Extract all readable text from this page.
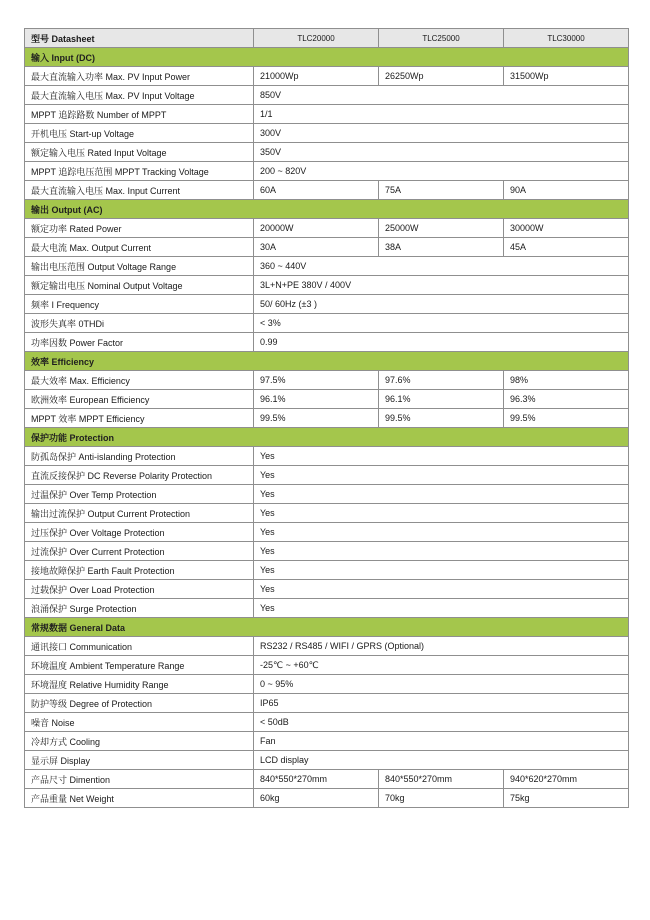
型号 Datasheet	TLC20000	TLC25000	TLC30000
输入 Input (DC)			
最大直流输入功率 Max. PV Input Power	21000Wp	26250Wp	31500Wp
最大直流输入电压 Max. PV Input Voltage	850V		
MPPT 追踪路数 Number of MPPT	1/1		
开机电压 Start-up Voltage	300V		
额定输入电压 Rated Input Voltage	350V		
MPPT 追踪电压范围 MPPT Tracking Voltage	200 ~ 820V		
最大直流输入电压 Max. Input Current	60A	75A	90A
输出 Output (AC)			
额定功率 Rated Power	20000W	25000W	30000W
最大电流 Max. Output Current	30A	38A	45A
输出电压范围 Output Voltage Range	360 ~ 440V		
额定输出电压 Nominal Output Voltage	3L+N+PE 380V / 400V		
频率 I Frequency	50/ 60Hz (±3 )		
波形失真率 0THDi	< 3%		
功率因数 Power Factor	0.99		
效率 Efficiency			
最大效率 Max. Efficiency	97.5%	97.6%	98%
欧洲效率 European Efficiency	96.1%	96.1%	96.3%
MPPT 效率 MPPT Efficiency	99.5%	99.5%	99.5%
保护功能 Protection			
防孤岛保护 Anti-islanding Protection	Yes		
直流反接保护 DC Reverse Polarity Protection	Yes		
过温保护 Over Temp Protection	Yes		
输出过流保护 Output Current Protection	Yes		
过压保护 Over Voltage Protection	Yes		
过流保护 Over Current Protection	Yes		
接地故障保护 Earth Fault Protection	Yes		
过载保护 Over Load Protection	Yes		
浪涌保护 Surge Protection	Yes		
常规数据 General Data			
通讯接口 Communication	RS232 / RS485 / WIFI / GPRS (Optional)		
环境温度 Ambient Temperature Range	-25℃ ~ +60℃		
环境湿度 Relative Humidity Range	0 ~ 95%		
防护等级 Degree of Protection	IP65		
噪音 Noise	< 50dB		
冷却方式 Cooling	Fan		
显示屏 Display	LCD display		
产品尺寸 Dimention	840*550*270mm	840*550*270mm	940*620*270mm
产品重量 Net Weight	60kg	70kg	75kg
